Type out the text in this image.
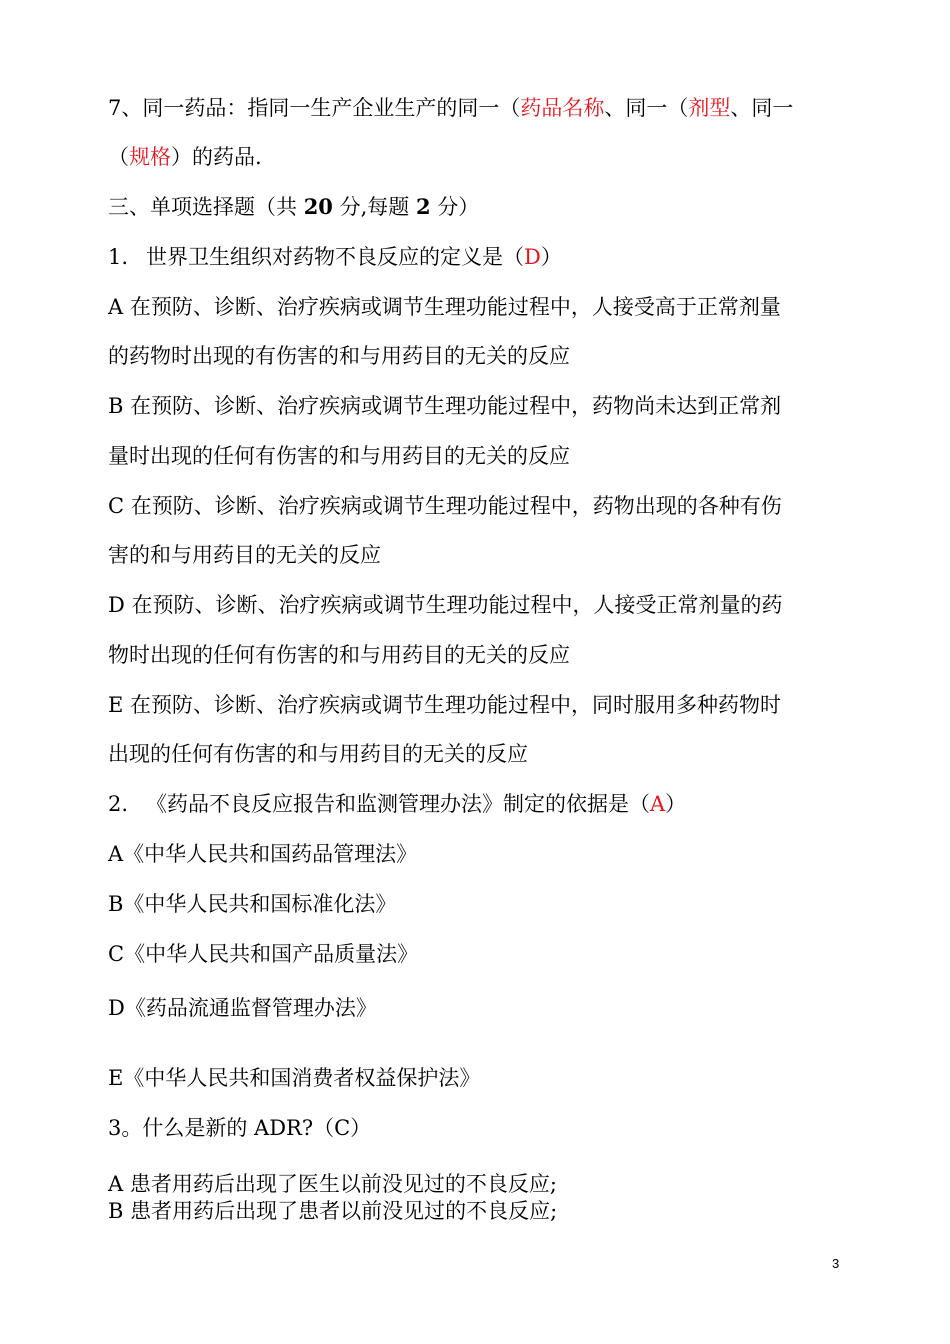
7、同一药品：指同一生产企业生产的同一（药品名称、同一（剂型、同一
（规格）的药品.
三、单项选择题（共 20 分,每题 2 分）
1. 世界卫生组织对药物不良反应的定义是（D）
A 在预防、诊断、治疗疾病或调节生理功能过程中，人接受高于正常剂量
的药物时出现的有伤害的和与用药目的无关的反应
B 在预防、诊断、治疗疾病或调节生理功能过程中，药物尚未达到正常剂
量时出现的任何有伤害的和与用药目的无关的反应
C 在预防、诊断、治疗疾病或调节生理功能过程中，药物出现的各种有伤
害的和与用药目的无关的反应
D 在预防、诊断、治疗疾病或调节生理功能过程中，人接受正常剂量的药
物时出现的任何有伤害的和与用药目的无关的反应
E 在预防、诊断、治疗疾病或调节生理功能过程中，同时服用多种药物时
出现的任何有伤害的和与用药目的无关的反应
2. 《药品不良反应报告和监测管理办法》制定的依据是（A）
A《中华人民共和国药品管理法》
B《中华人民共和国标准化法》
C《中华人民共和国产品质量法》
D《药品流通监督管理办法》
E《中华人民共和国消费者权益保护法》
3。什么是新的 ADR?（C）
A 患者用药后出现了医生以前没见过的不良反应;
B 患者用药后出现了患者以前没见过的不良反应;
3
